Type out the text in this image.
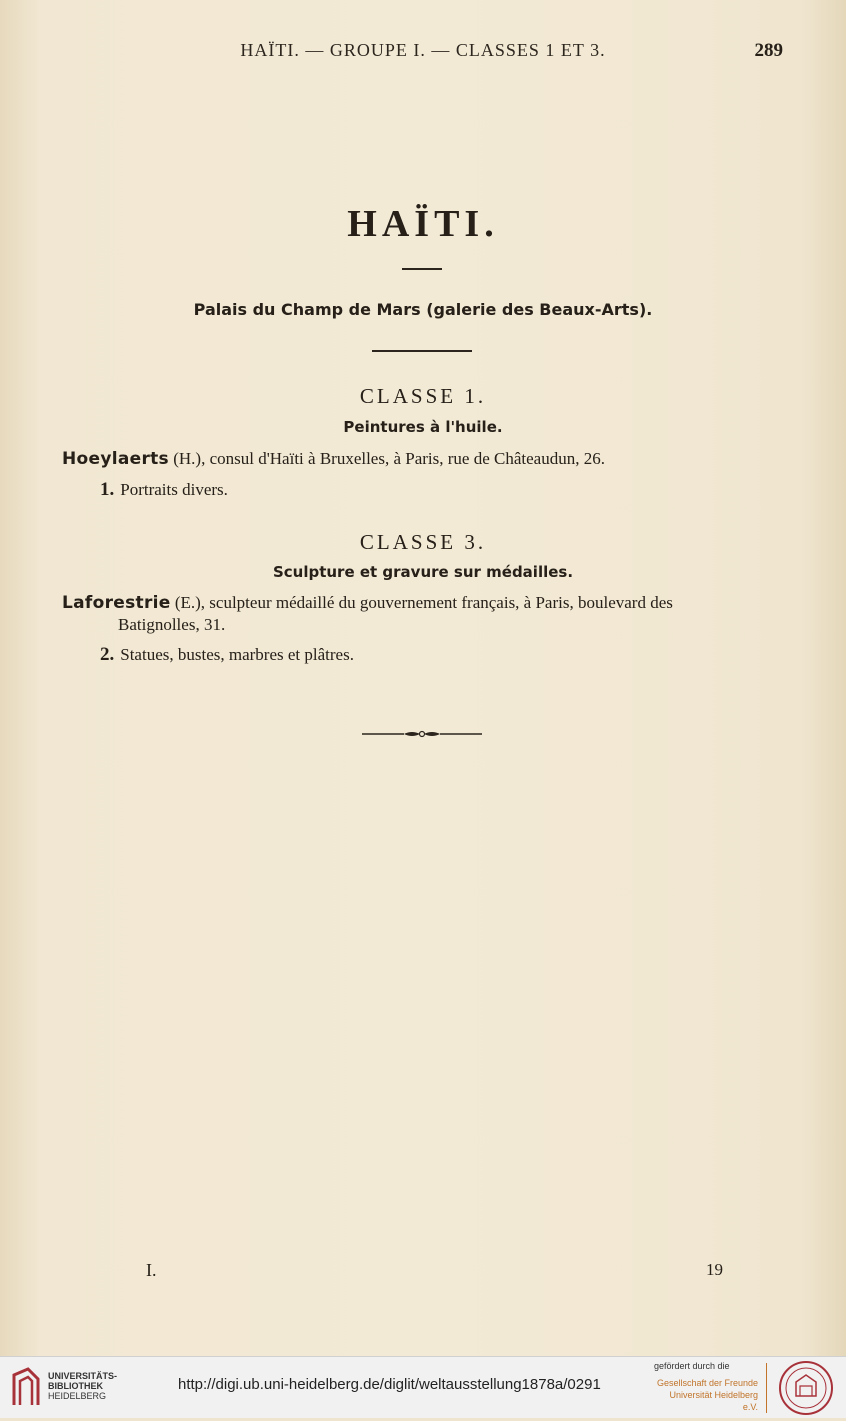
HAÏTI. — GROUPE I. — CLASSES 1 ET 3.	289
HAÏTI.
Palais du Champ de Mars (galerie des Beaux-Arts).
CLASSE 1.
Peintures à l'huile.
Hoeylaerts (H.), consul d'Haïti à Bruxelles, à Paris, rue de Châteaudun, 26.
1. Portraits divers.
CLASSE 3.
Sculpture et gravure sur médailles.
Laforestrie (E.), sculpteur médaillé du gouvernement français, à Paris, boulevard des
Batignolles, 31.
2. Statues, bustes, marbres et plâtres.
I.	19
UNIVERSITÄTS-
BIBLIOTHEK
HEIDELBERG
http://digi.ub.uni-heidelberg.de/diglit/weltausstellung1878a/0291
gefördert durch die
Gesellschaft der Freunde
Universität Heidelberg e.V.
